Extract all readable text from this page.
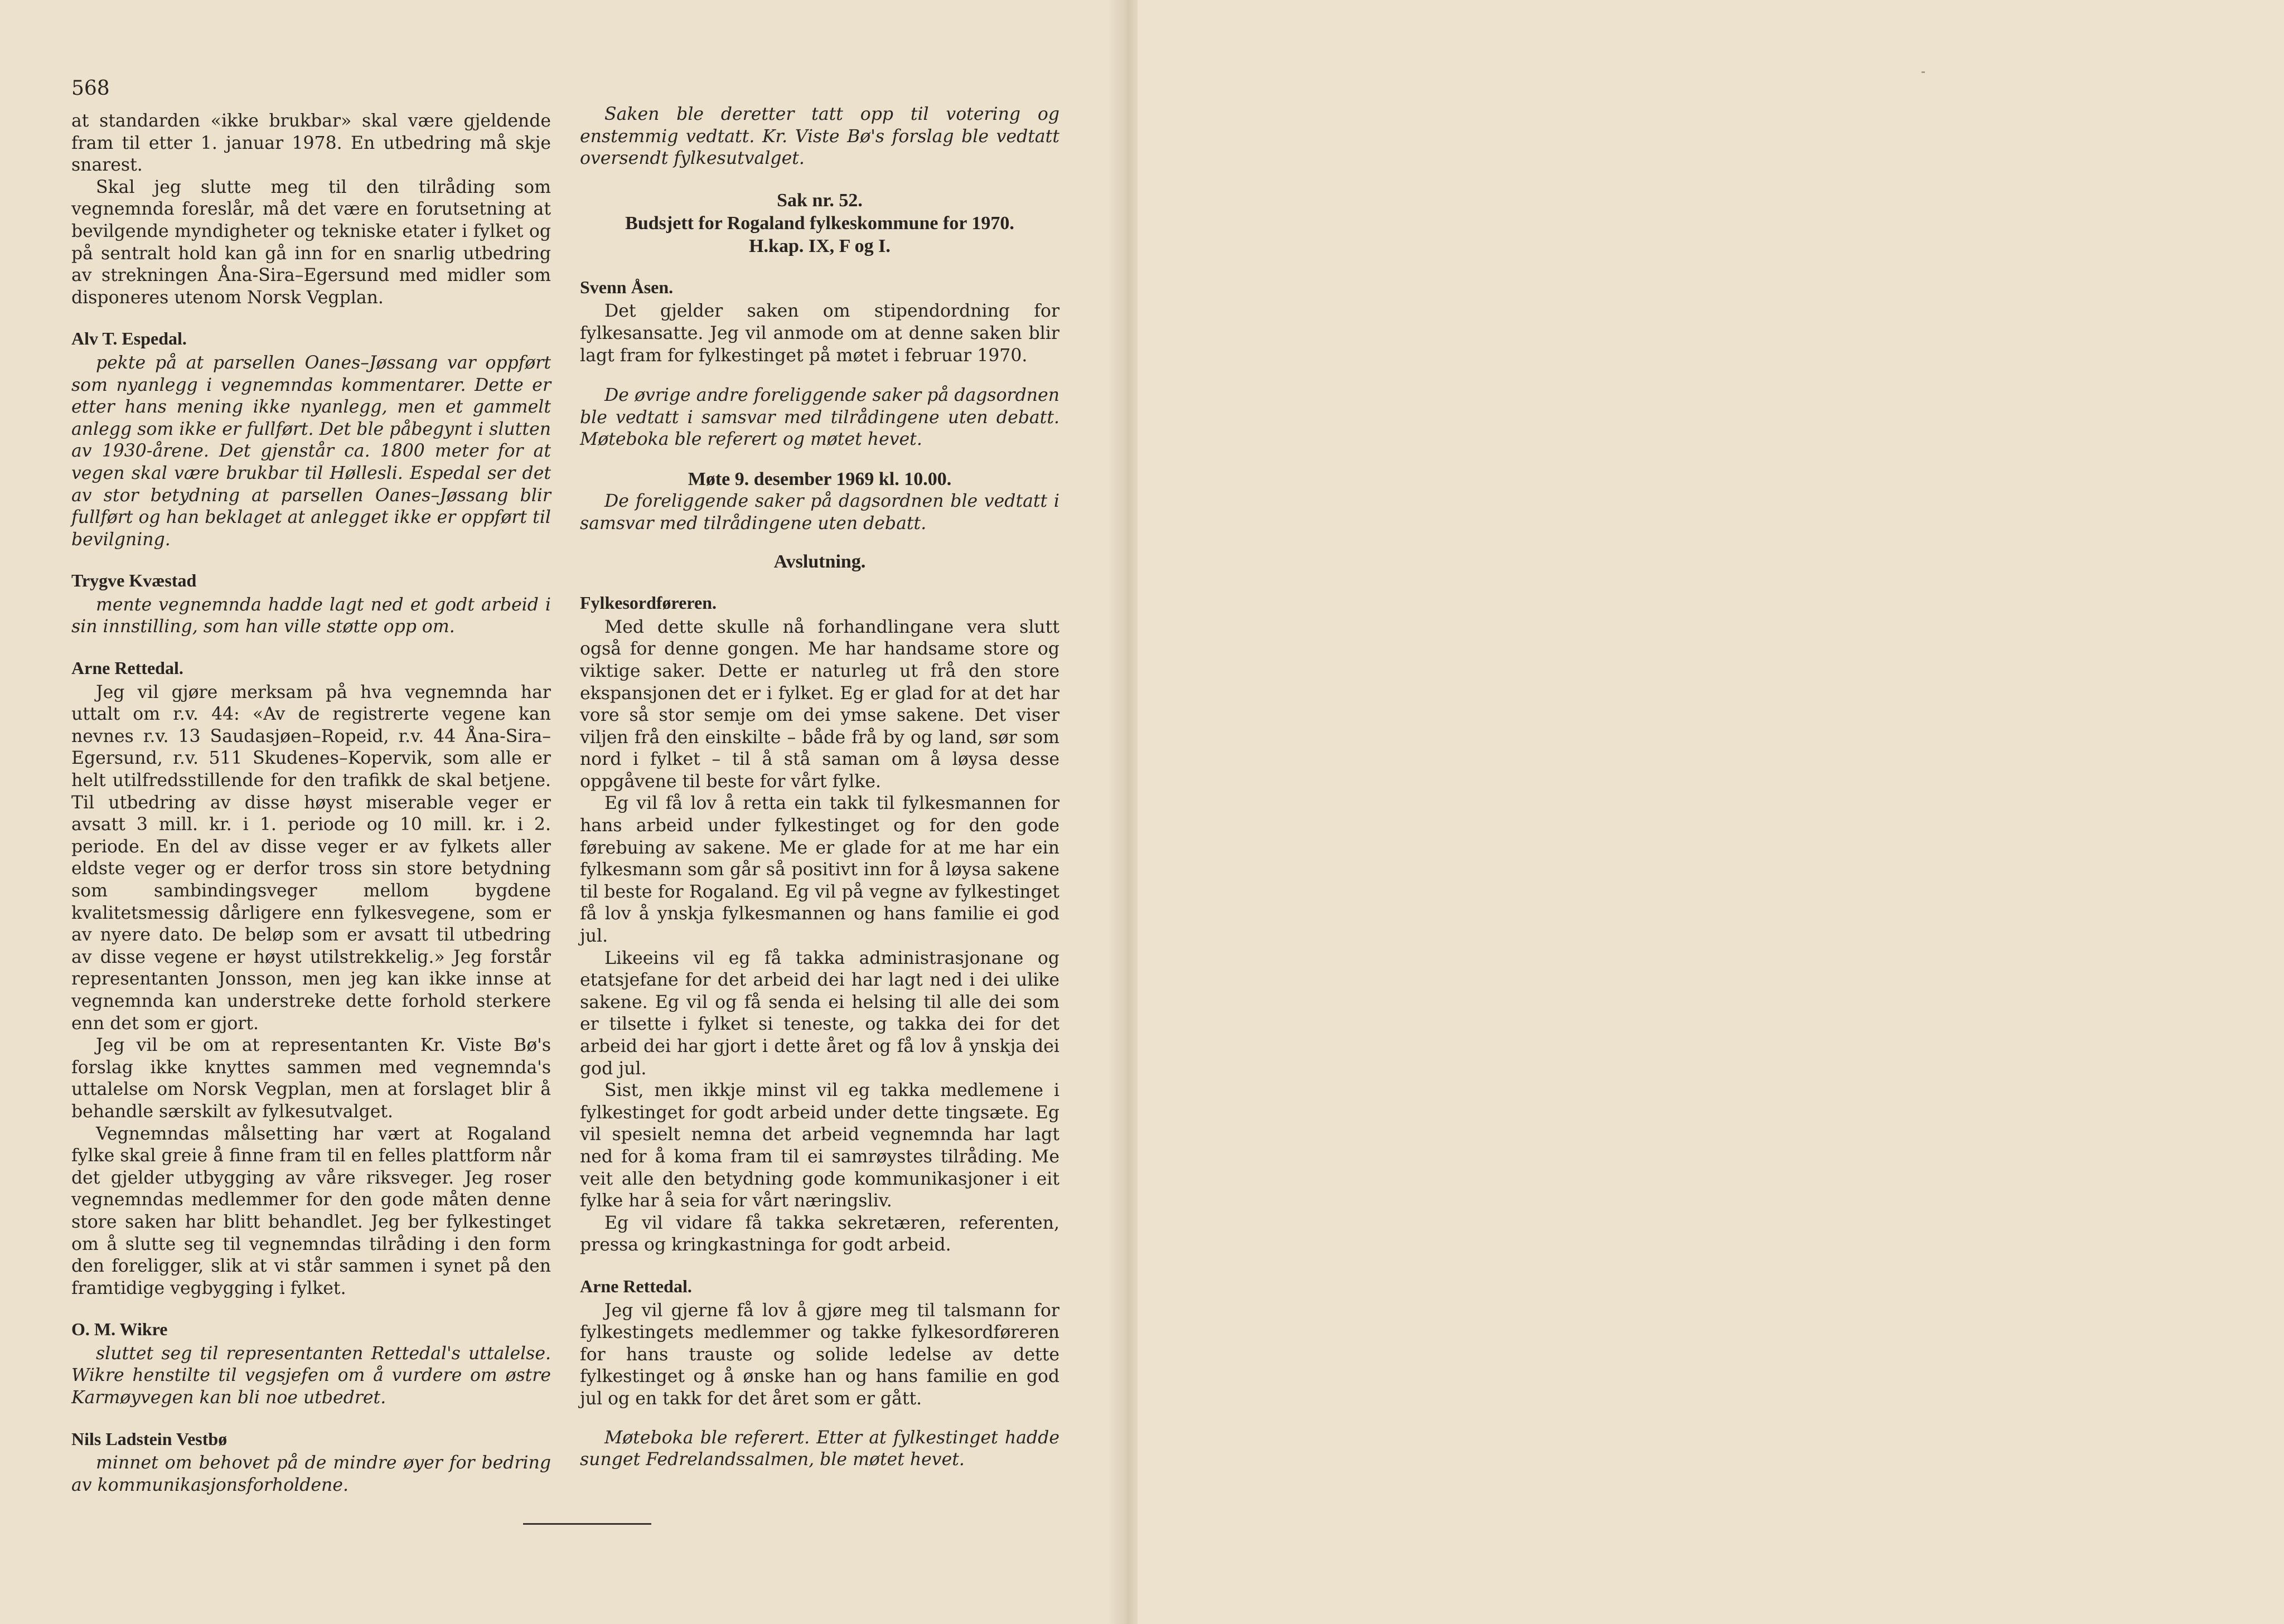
568

at standarden «ikke brukbar» skal være gjeldende fram til etter 1. januar 1978. En utbedring må skje snarest.

Skal jeg slutte meg til den tilråding som vegnemnda foreslår, må det være en forutsetning at bevilgende myndigheter og tekniske etater i fylket og på sentralt hold kan gå inn for en snarlig utbedring av strekningen Åna-Sira–Egersund med midler som disponeres utenom Norsk Vegplan.

Alv T. Espedal.

pekte på at parsellen Oanes–Jøssang var oppført som nyanlegg i vegnemndas kommentarer. Dette er etter hans mening ikke nyanlegg, men et gammelt anlegg som ikke er fullført. Det ble påbegynt i slutten av 1930-årene. Det gjenstår ca. 1800 meter for at vegen skal være brukbar til Høllesli. Espedal ser det av stor betydning at parsellen Oanes–Jøssang blir fullført og han beklaget at anlegget ikke er oppført til bevilgning.

Trygve Kvæstad

mente vegnemnda hadde lagt ned et godt arbeid i sin innstilling, som han ville støtte opp om.

Arne Rettedal.

Jeg vil gjøre merksam på hva vegnemnda har uttalt om r.v. 44: «Av de registrerte vegene kan nevnes r.v. 13 Saudasjøen–Ropeid, r.v. 44 Åna-Sira–Egersund, r.v. 511 Skudenes–Kopervik, som alle er helt utilfredsstillende for den trafikk de skal betjene. Til utbedring av disse høyst miserable veger er avsatt 3 mill. kr. i 1. periode og 10 mill. kr. i 2. periode. En del av disse veger er av fylkets aller eldste veger og er derfor tross sin store betydning som sambindingsveger mellom bygdene kvalitetsmessig dårligere enn fylkesvegene, som er av nyere dato. De beløp som er avsatt til utbedring av disse vegene er høyst utilstrekkelig.» Jeg forstår representanten Jonsson, men jeg kan ikke innse at vegnemnda kan understreke dette forhold sterkere enn det som er gjort.

Jeg vil be om at representanten Kr. Viste Bø's forslag ikke knyttes sammen med vegnemnda's uttalelse om Norsk Vegplan, men at forslaget blir å behandle særskilt av fylkesutvalget.

Vegnemndas målsetting har vært at Rogaland fylke skal greie å finne fram til en felles plattform når det gjelder utbygging av våre riksveger. Jeg roser vegnemndas medlemmer for den gode måten denne store saken har blitt behandlet. Jeg ber fylkestinget om å slutte seg til vegnemndas tilråding i den form den foreligger, slik at vi står sammen i synet på den framtidige vegbygging i fylket.

O. M. Wikre

sluttet seg til representanten Rettedal's uttalelse. Wikre henstilte til vegsjefen om å vurdere om østre Karmøyvegen kan bli noe utbedret.

Nils Ladstein Vestbø

minnet om behovet på de mindre øyer for bedring av kommunikasjonsforholdene.

Saken ble deretter tatt opp til votering og enstemmig vedtatt. Kr. Viste Bø's forslag ble vedtatt oversendt fylkesutvalget.

Sak nr. 52.

Budsjett for Rogaland fylkeskommune for 1970.

H.kap. IX, F og I.

Svenn Åsen.

Det gjelder saken om stipendordning for fylkesansatte. Jeg vil anmode om at denne saken blir lagt fram for fylkestinget på møtet i februar 1970.

De øvrige andre foreliggende saker på dagsordnen ble vedtatt i samsvar med tilrådingene uten debatt. Møteboka ble referert og møtet hevet.

Møte 9. desember 1969 kl. 10.00.

De foreliggende saker på dagsordnen ble vedtatt i samsvar med tilrådingene uten debatt.

Avslutning.

Fylkesordføreren.

Med dette skulle nå forhandlingane vera slutt også for denne gongen. Me har handsame store og viktige saker. Dette er naturleg ut frå den store ekspansjonen det er i fylket. Eg er glad for at det har vore så stor semje om dei ymse sakene. Det viser viljen frå den einskilte – både frå by og land, sør som nord i fylket – til å stå saman om å løysa desse oppgåvene til beste for vårt fylke.

Eg vil få lov å retta ein takk til fylkesmannen for hans arbeid under fylkestinget og for den gode førebuing av sakene. Me er glade for at me har ein fylkesmann som går så positivt inn for å løysa sakene til beste for Rogaland. Eg vil på vegne av fylkestinget få lov å ynskja fylkesmannen og hans familie ei god jul.

Likeeins vil eg få takka administrasjonane og etatsjefane for det arbeid dei har lagt ned i dei ulike sakene. Eg vil og få senda ei helsing til alle dei som er tilsette i fylket si teneste, og takka dei for det arbeid dei har gjort i dette året og få lov å ynskja dei god jul.

Sist, men ikkje minst vil eg takka medlemene i fylkestinget for godt arbeid under dette tingsæte. Eg vil spesielt nemna det arbeid vegnemnda har lagt ned for å koma fram til ei samrøystes tilråding. Me veit alle den betydning gode kommunikasjoner i eit fylke har å seia for vårt næringsliv.

Eg vil vidare få takka sekretæren, referenten, pressa og kringkastninga for godt arbeid.

Arne Rettedal.

Jeg vil gjerne få lov å gjøre meg til talsmann for fylkestingets medlemmer og takke fylkesordføreren for hans trauste og solide ledelse av dette fylkestinget og å ønske han og hans familie en god jul og en takk for det året som er gått.

Møteboka ble referert. Etter at fylkestinget hadde sunget Fedrelandssalmen, ble møtet hevet.
